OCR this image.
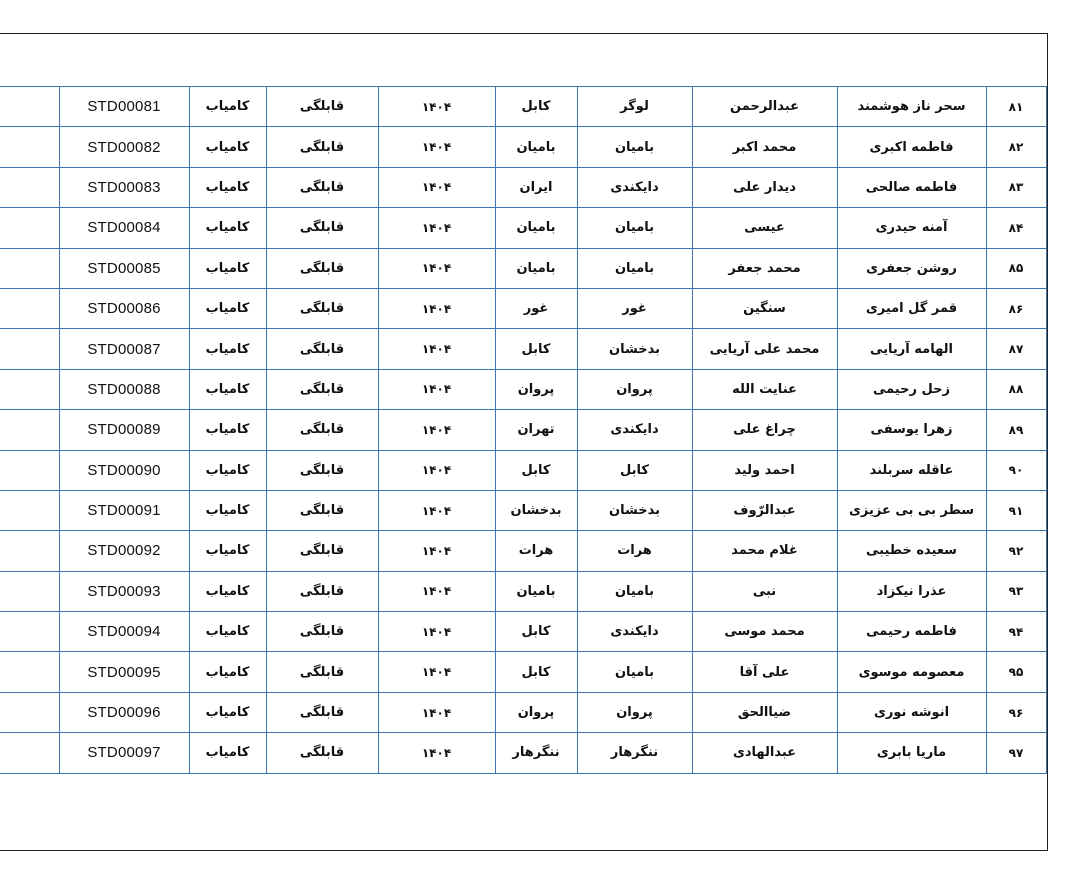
	STD00081	کامیاب	قابلگی	۱۴۰۴	کابل	لوگر	عبدالرحمن	سحر ناز هوشمند	۸۱
	STD00082	کامیاب	قابلگی	۱۴۰۴	بامیان	بامیان	محمد اکبر	فاطمه اکبری	۸۲
	STD00083	کامیاب	قابلگی	۱۴۰۴	ایران	دایکندی	دیدار علی	فاطمه صالحی	۸۳
	STD00084	کامیاب	قابلگی	۱۴۰۴	بامیان	بامیان	عیسی	آمنه حیدری	۸۴
	STD00085	کامیاب	قابلگی	۱۴۰۴	بامیان	بامیان	محمد جعفر	روشن جعفری	۸۵
	STD00086	کامیاب	قابلگی	۱۴۰۴	غور	غور	سنگین	قمر گل امیری	۸۶
	STD00087	کامیاب	قابلگی	۱۴۰۴	کابل	بدخشان	محمد علی آریایی	الهامه آریایی	۸۷
	STD00088	کامیاب	قابلگی	۱۴۰۴	پروان	پروان	عنایت الله	زحل رحیمی	۸۸
	STD00089	کامیاب	قابلگی	۱۴۰۴	تهران	دایکندی	چراغ علی	زهرا یوسفی	۸۹
	STD00090	کامیاب	قابلگی	۱۴۰۴	کابل	کابل	احمد ولید	عاقله سربلند	۹۰
	STD00091	کامیاب	قابلگی	۱۴۰۴	بدخشان	بدخشان	عبدالرّوف	سطر بی بی عزیزی	۹۱
	STD00092	کامیاب	قابلگی	۱۴۰۴	هرات	هرات	غلام محمد	سعیده خطیبی	۹۲
	STD00093	کامیاب	قابلگی	۱۴۰۴	بامیان	بامیان	نبی	عذرا نیکزاد	۹۳
	STD00094	کامیاب	قابلگی	۱۴۰۴	کابل	دایکندی	محمد موسی	فاطمه رحیمی	۹۴
	STD00095	کامیاب	قابلگی	۱۴۰۴	کابل	بامیان	علی آقا	معصومه موسوی	۹۵
	STD00096	کامیاب	قابلگی	۱۴۰۴	پروان	پروان	ضیاالحق	انوشه نوری	۹۶
	STD00097	کامیاب	قابلگی	۱۴۰۴	ننگرهار	ننگرهار	عبدالهادی	ماریا بابری	۹۷
